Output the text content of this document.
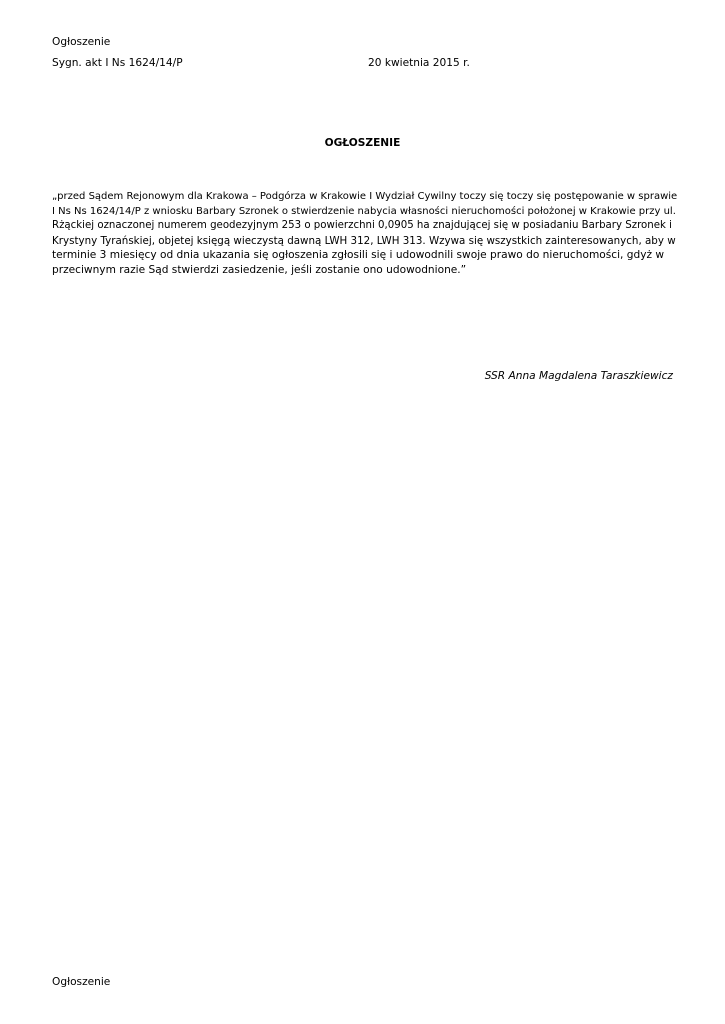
Ogłoszenie
Sygn. akt I Ns 1624/14/P	20 kwietnia 2015 r.
OGŁOSZENIE
„przed Sądem Rejonowym dla Krakowa – Podgórza w Krakowie I Wydział Cywilny toczy się toczy się postępowanie w sprawie
I Ns Ns 1624/14/P z wniosku Barbary Szronek o stwierdzenie nabycia własności nieruchomości położonej w Krakowie przy ul.
Rżąckiej oznaczonej numerem geodezyjnym 253 o powierzchni 0,0905 ha znajdującej się w posiadaniu Barbary Szronek i
Krystyny Tyrańskiej, objetej księgą wieczystą dawną LWH 312, LWH 313. Wzywa się wszystkich zainteresowanych, aby w
terminie 3 miesięcy od dnia ukazania się ogłoszenia zgłosili się i udowodnili swoje prawo do nieruchomości, gdyż w
przeciwnym razie Sąd stwierdzi zasiedzenie, jeśli zostanie ono udowodnione.”
SSR Anna Magdalena Taraszkiewicz
Ogłoszenie
